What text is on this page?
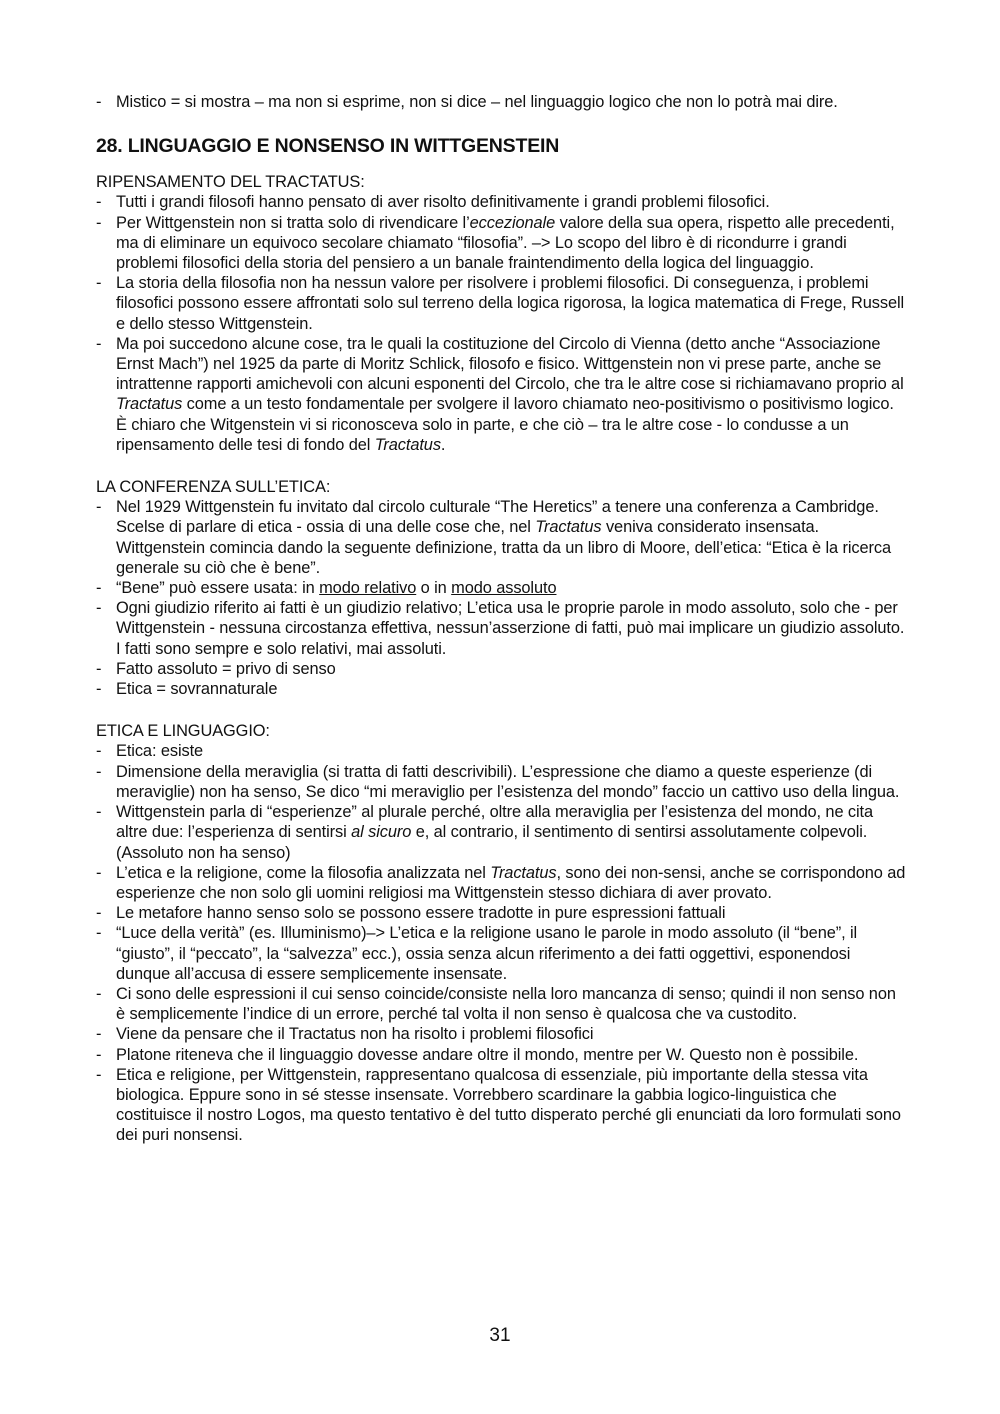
- Mistico = si mostra – ma non si esprime, non si dice – nel linguaggio logico che non lo potrà mai dire.
28. LINGUAGGIO E NONSENSO IN WITTGENSTEIN
RIPENSAMENTO DEL TRACTATUS:
- Tutti i grandi filosofi hanno pensato di aver risolto definitivamente i grandi problemi filosofici.
- Per Wittgenstein non si tratta solo di rivendicare l’eccezionale valore della sua opera, rispetto alle precedenti, ma di eliminare un equivoco secolare chiamato “filosofia”. –> Lo scopo del libro è di ricondurre i grandi problemi filosofici della storia del pensiero a un banale fraintendimento della logica del linguaggio.
- La storia della filosofia non ha nessun valore per risolvere i problemi filosofici. Di conseguenza, i problemi filosofici possono essere affrontati solo sul terreno della logica rigorosa, la logica matematica di Frege, Russell e dello stesso Wittgenstein.
- Ma poi succedono alcune cose, tra le quali la costituzione del Circolo di Vienna (detto anche “Associazione Ernst Mach”) nel 1925 da parte di Moritz Schlick, filosofo e fisico. Wittgenstein non vi prese parte, anche se intrattenne rapporti amichevoli con alcuni esponenti del Circolo, che tra le altre cose si richiamavano proprio al Tractatus come a un testo fondamentale per svolgere il lavoro chiamato neo-positivismo o positivismo logico. È chiaro che Witgenstein vi si riconosceva solo in parte, e che ciò – tra le altre cose - lo condusse a un ripensamento delle tesi di fondo del Tractatus.
LA CONFERENZA SULL’ETICA:
- Nel 1929 Wittgenstein fu invitato dal circolo culturale “The Heretics” a tenere una conferenza a Cambridge. Scelse di parlare di etica - ossia di una delle cose che, nel Tractatus veniva considerato insensata. Wittgenstein comincia dando la seguente definizione, tratta da un libro di Moore, dell’etica: “Etica è la ricerca generale su ciò che è bene”.
- “Bene” può essere usata: in modo relativo o in modo assoluto
- Ogni giudizio riferito ai fatti è un giudizio relativo; L’etica usa le proprie parole in modo assoluto, solo che - per Wittgenstein - nessuna circostanza effettiva, nessun’asserzione di fatti, può mai implicare un giudizio assoluto. I fatti sono sempre e solo relativi, mai assoluti.
- Fatto assoluto = privo di senso
- Etica = sovrannaturale
ETICA E LINGUAGGIO:
- Etica: esiste
- Dimensione della meraviglia (si tratta di fatti descrivibili). L’espressione che diamo a queste esperienze (di meraviglie) non ha senso, Se dico “mi meraviglio per l’esistenza del mondo” faccio un cattivo uso della lingua.
- Wittgenstein parla di “esperienze” al plurale perché, oltre alla meraviglia per l’esistenza del mondo, ne cita altre due: l’esperienza di sentirsi al sicuro e, al contrario, il sentimento di sentirsi assolutamente colpevoli. (Assoluto non ha senso)
- L’etica e la religione, come la filosofia analizzata nel Tractatus, sono dei non-sensi, anche se corrispondono ad esperienze che non solo gli uomini religiosi ma Wittgenstein stesso dichiara di aver provato.
- Le metafore hanno senso solo se possono essere tradotte in pure espressioni fattuali
- “Luce della verità” (es. Illuminismo)–> L’etica e la religione usano le parole in modo assoluto (il “bene”, il “giusto”, il “peccato”, la “salvezza” ecc.), ossia senza alcun riferimento a dei fatti oggettivi, esponendosi dunque all’accusa di essere semplicemente insensate.
- Ci sono delle espressioni il cui senso coincide/consiste nella loro mancanza di senso; quindi il non senso non è semplicemente l’indice di un errore, perché tal volta il non senso è qualcosa che va custodito.
- Viene da pensare che il Tractatus non ha risolto i problemi filosofici
- Platone riteneva che il linguaggio dovesse andare oltre il mondo, mentre per W. Questo non è possibile.
- Etica e religione, per Wittgenstein, rappresentano qualcosa di essenziale, più importante della stessa vita biologica. Eppure sono in sé stesse insensate. Vorrebbero scardinare la gabbia logico-linguistica che costituisce il nostro Logos, ma questo tentativo è del tutto disperato perché gli enunciati da loro formulati sono dei puri nonsensi.
31
